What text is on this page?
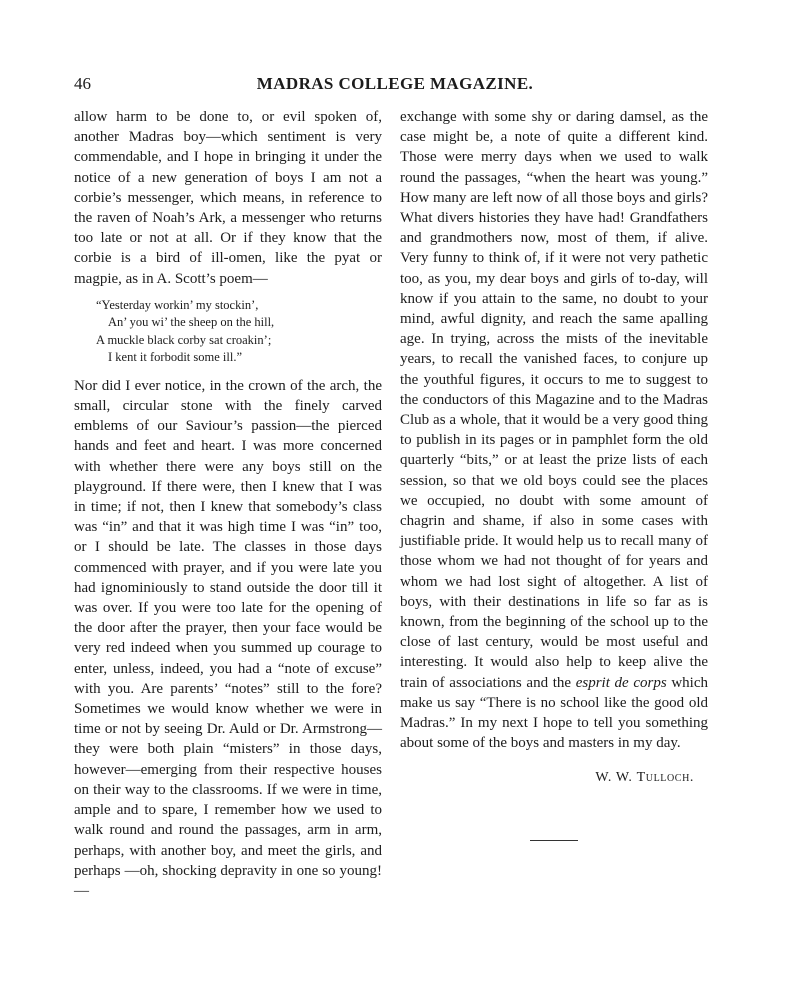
46	MADRAS COLLEGE MAGAZINE.

allow harm to be done to, or evil spoken of, another Madras boy—which sentiment is very commendable, and I hope in bringing it under the notice of a new generation of boys I am not a corbie’s messenger, which means, in reference to the raven of Noah’s Ark, a messenger who returns too late or not at all. Or if they know that the corbie is a bird of ill-omen, like the pyat or magpie, as in A. Scott’s poem—

“Yesterday workin’ my stockin’,
An’ you wi’ the sheep on the hill,
A muckle black corby sat croakin’;
I kent it forbodit some ill.”

Nor did I ever notice, in the crown of the arch, the small, circular stone with the finely carved emblems of our Saviour’s passion—the pierced hands and feet and heart. I was more concerned with whether there were any boys still on the playground. If there were, then I knew that I was in time; if not, then I knew that somebody’s class was “in” and that it was high time I was “in” too, or I should be late. The classes in those days commenced with prayer, and if you were late you had ignominiously to stand outside the door till it was over. If you were too late for the opening of the door after the prayer, then your face would be very red indeed when you summed up courage to enter, unless, indeed, you had a “note of excuse” with you. Are parents’ “notes” still to the fore? Sometimes we would know whether we were in time or not by seeing Dr. Auld or Dr. Armstrong—they were both plain “misters” in those days, however—emerging from their respective houses on their way to the classrooms. If we were in time, ample and to spare, I remember how we used to walk round and round the passages, arm in arm, perhaps, with another boy, and meet the girls, and perhaps —oh, shocking depravity in one so young!—

exchange with some shy or daring damsel, as the case might be, a note of quite a different kind. Those were merry days when we used to walk round the passages, “when the heart was young.” How many are left now of all those boys and girls? What divers histories they have had! Grandfathers and grandmothers now, most of them, if alive. Very funny to think of, if it were not very pathetic too, as you, my dear boys and girls of to-day, will know if you attain to the same, no doubt to your mind, awful dignity, and reach the same apalling age. In trying, across the mists of the inevitable years, to recall the vanished faces, to conjure up the youthful figures, it occurs to me to suggest to the conductors of this Magazine and to the Madras Club as a whole, that it would be a very good thing to publish in its pages or in pamphlet form the old quarterly “bits,” or at least the prize lists of each session, so that we old boys could see the places we occupied, no doubt with some amount of chagrin and shame, if also in some cases with justifiable pride. It would help us to recall many of those whom we had not thought of for years and whom we had lost sight of altogether. A list of boys, with their destinations in life so far as is known, from the beginning of the school up to the close of last century, would be most useful and interesting. It would also help to keep alive the train of associations and the esprit de corps which make us say “There is no school like the good old Madras.” In my next I hope to tell you something about some of the boys and masters in my day.

W. W. Tulloch.
